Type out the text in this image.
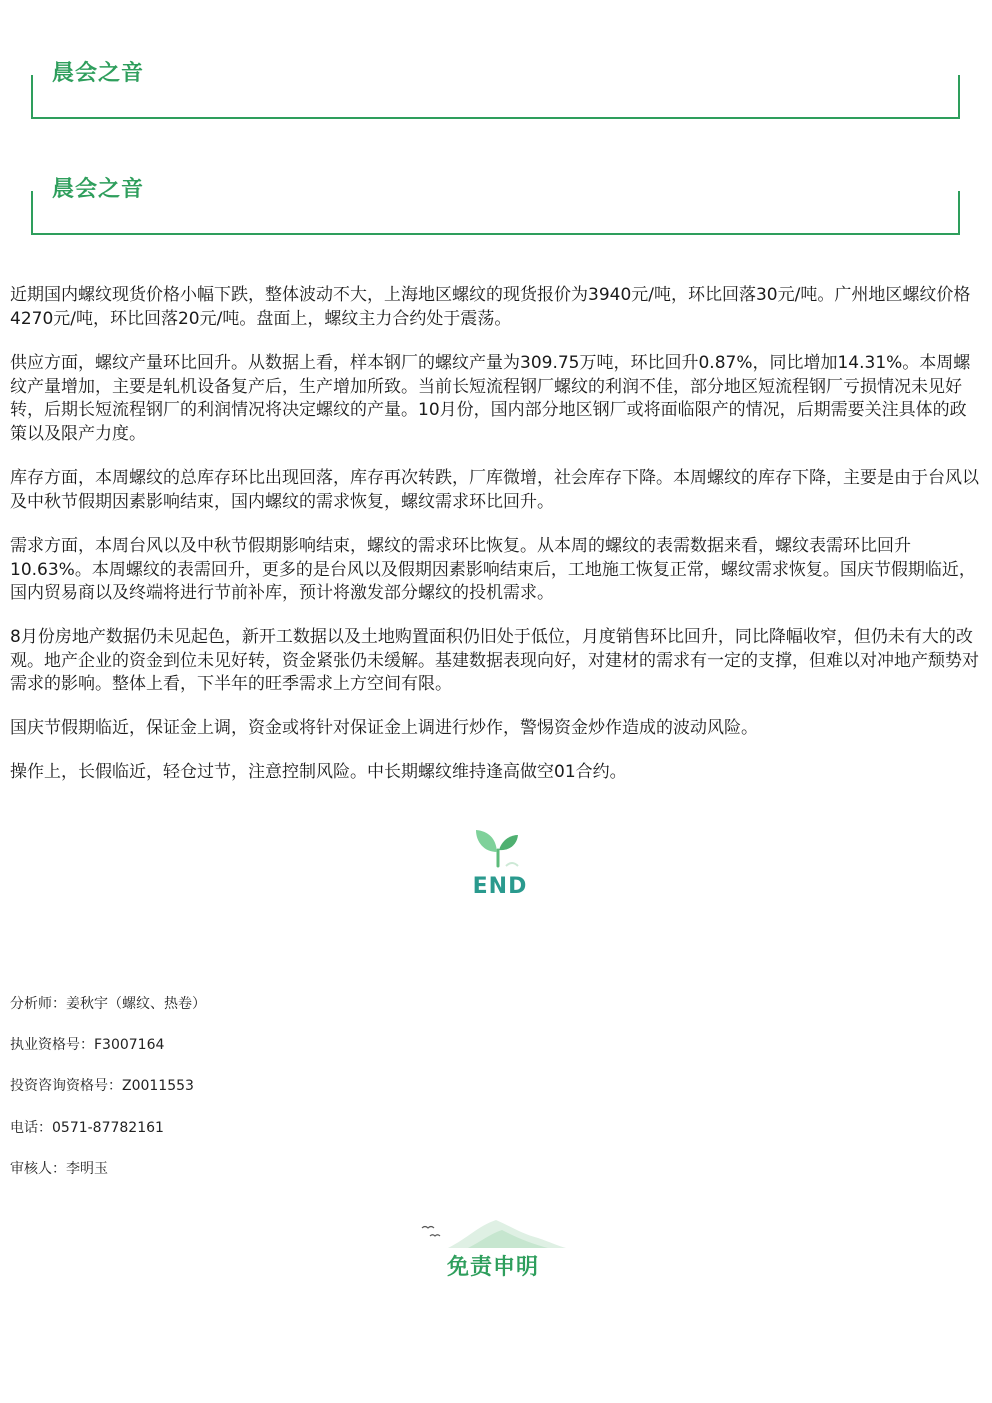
晨会之音
晨会之音

近期国内螺纹现货价格小幅下跌，整体波动不大，上海地区螺纹的现货报价为3940元/吨，环比回落30元/吨。广州地区螺纹价格4270元/吨，环比回落20元/吨。盘面上，螺纹主力合约处于震荡。

供应方面，螺纹产量环比回升。从数据上看，样本钢厂的螺纹产量为309.75万吨，环比回升0.87%，同比增加14.31%。本周螺纹产量增加，主要是轧机设备复产后，生产增加所致。当前长短流程钢厂螺纹的利润不佳，部分地区短流程钢厂亏损情况未见好转，后期长短流程钢厂的利润情况将决定螺纹的产量。10月份，国内部分地区钢厂或将面临限产的情况，后期需要关注具体的政策以及限产力度。

库存方面，本周螺纹的总库存环比出现回落，库存再次转跌，厂库微增，社会库存下降。本周螺纹的库存下降，主要是由于台风以及中秋节假期因素影响结束，国内螺纹的需求恢复，螺纹需求环比回升。

需求方面，本周台风以及中秋节假期影响结束，螺纹的需求环比恢复。从本周的螺纹的表需数据来看，螺纹表需环比回升10.63%。本周螺纹的表需回升，更多的是台风以及假期因素影响结束后，工地施工恢复正常，螺纹需求恢复。国庆节假期临近，国内贸易商以及终端将进行节前补库，预计将激发部分螺纹的投机需求。

8月份房地产数据仍未见起色，新开工数据以及土地购置面积仍旧处于低位，月度销售环比回升，同比降幅收窄，但仍未有大的改观。地产企业的资金到位未见好转，资金紧张仍未缓解。基建数据表现向好，对建材的需求有一定的支撑，但难以对冲地产颓势对需求的影响。整体上看，下半年的旺季需求上方空间有限。

国庆节假期临近，保证金上调，资金或将针对保证金上调进行炒作，警惕资金炒作造成的波动风险。

操作上，长假临近，轻仓过节，注意控制风险。中长期螺纹维持逢高做空01合约。

END
分析师：姜秋宇（螺纹、热卷）
执业资格号：F3007164
投资咨询资格号：Z0011553
电话：0571-87782161
审核人：李明玉
免责申明
